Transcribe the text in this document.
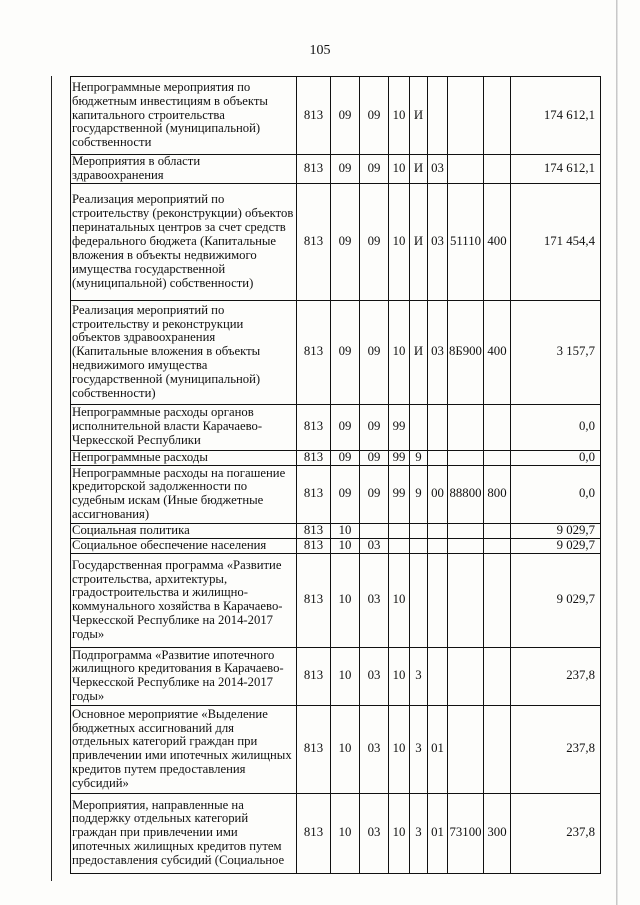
105
Непрограммные мероприятия по бюджетным инвестициям в объекты капитального строительства государственной (муниципальной) собственности	813	09	09	10	И				174 612,1
Мероприятия в области здравоохранения	813	09	09	10	И	03			174 612,1
Реализация мероприятий по строительству (реконструкции) объектов перинатальных центров за счет средств федерального бюджета (Капитальные вложения в объекты недвижимого имущества государственной (муниципальной) собственности)	813	09	09	10	И	03	51110	400	171 454,4
Реализация мероприятий по строительству и реконструкции объектов здравоохранения (Капитальные вложения в объекты недвижимого имущества государственной (муниципальной) собственности)	813	09	09	10	И	03	8Б900	400	3 157,7
Непрограммные расходы органов исполнительной власти Карачаево-Черкесской Республики	813	09	09	99					0,0
Непрограммные расходы	813	09	09	99	9				0,0
Непрограммные расходы на погашение кредиторской задолженности по судебным искам (Иные бюджетные ассигнования)	813	09	09	99	9	00	88800	800	0,0
Социальная политика	813	10							9 029,7
Социальное обеспечение населения	813	10	03						9 029,7
Государственная программа «Развитие строительства, архитектуры, градостроительства и жилищно-коммунального хозяйства в Карачаево-Черкесской Республике на 2014-2017 годы»	813	10	03	10					9 029,7
Подпрограмма «Развитие ипотечного жилищного кредитования в Карачаево-Черкесской Республике на 2014-2017 годы»	813	10	03	10	3				237,8
Основное мероприятие «Выделение бюджетных ассигнований для отдельных категорий граждан при привлечении ими ипотечных жилищных кредитов путем предоставления субсидий»	813	10	03	10	3	01			237,8
Мероприятия, направленные на поддержку отдельных категорий граждан при привлечении ими ипотечных жилищных кредитов путем предоставления субсидий (Социальное	813	10	03	10	3	01	73100	300	237,8
